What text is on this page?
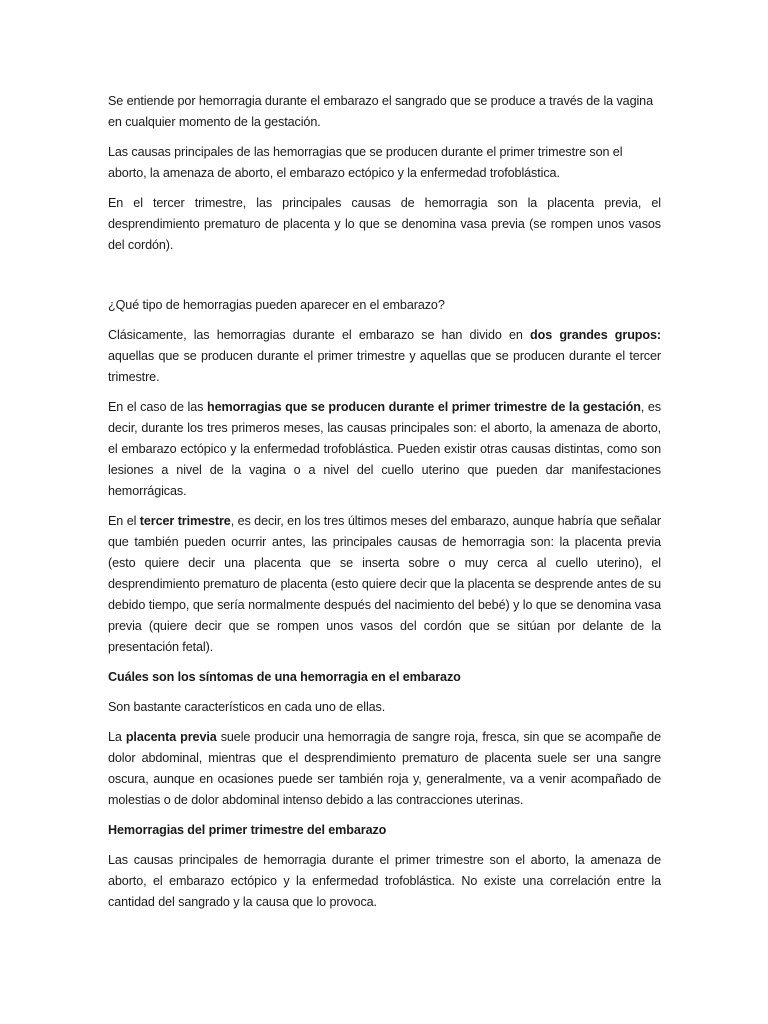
Se entiende por hemorragia durante el embarazo el sangrado que se produce a través de la vagina en cualquier momento de la gestación.

Las causas principales de las hemorragias que se producen durante el primer trimestre son el aborto, la amenaza de aborto, el embarazo ectópico y la enfermedad trofoblástica.

En el tercer trimestre, las principales causas de hemorragia son la placenta previa, el desprendimiento prematuro de placenta y lo que se denomina vasa previa (se rompen unos vasos del cordón).

¿Qué tipo de hemorragias pueden aparecer en el embarazo?

Clásicamente, las hemorragias durante el embarazo se han divido en dos grandes grupos: aquellas que se producen durante el primer trimestre y aquellas que se producen durante el tercer trimestre.

En el caso de las hemorragias que se producen durante el primer trimestre de la gestación, es decir, durante los tres primeros meses, las causas principales son: el aborto, la amenaza de aborto, el embarazo ectópico y la enfermedad trofoblástica. Pueden existir otras causas distintas, como son lesiones a nivel de la vagina o a nivel del cuello uterino que pueden dar manifestaciones hemorrágicas.

En el tercer trimestre, es decir, en los tres últimos meses del embarazo, aunque habría que señalar que también pueden ocurrir antes, las principales causas de hemorragia son: la placenta previa (esto quiere decir una placenta que se inserta sobre o muy cerca al cuello uterino), el desprendimiento prematuro de placenta (esto quiere decir que la placenta se desprende antes de su debido tiempo, que sería normalmente después del nacimiento del bebé) y lo que se denomina vasa previa (quiere decir que se rompen unos vasos del cordón que se sitúan por delante de la presentación fetal).

Cuáles son los síntomas de una hemorragia en el embarazo

Son bastante característicos en cada uno de ellas.

La placenta previa suele producir una hemorragia de sangre roja, fresca, sin que se acompañe de dolor abdominal, mientras que el desprendimiento prematuro de placenta suele ser una sangre oscura, aunque en ocasiones puede ser también roja y, generalmente, va a venir acompañado de molestias o de dolor abdominal intenso debido a las contracciones uterinas.

Hemorragias del primer trimestre del embarazo

Las causas principales de hemorragia durante el primer trimestre son el aborto, la amenaza de aborto, el embarazo ectópico y la enfermedad trofoblástica. No existe una correlación entre la cantidad del sangrado y la causa que lo provoca.
